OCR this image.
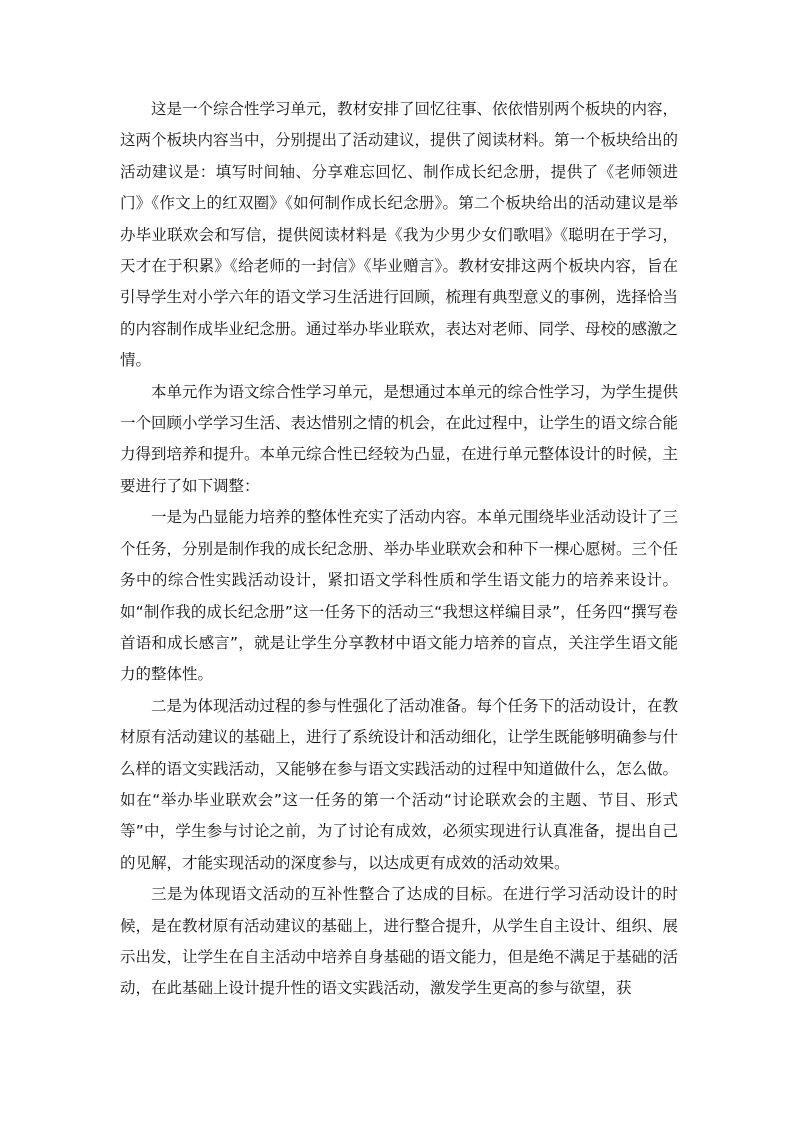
这是一个综合性学习单元，教材安排了回忆往事、依依惜别两个板块的内容，这两个板块内容当中，分别提出了活动建议，提供了阅读材料。第一个板块给出的活动建议是：填写时间轴、分享难忘回忆、制作成长纪念册，提供了《老师领进门》《作文上的红双圈》《如何制作成长纪念册》。第二个板块给出的活动建议是举办毕业联欢会和写信，提供阅读材料是《我为少男少女们歌唱》《聪明在于学习，天才在于积累》《给老师的一封信》《毕业赠言》。教材安排这两个板块内容，旨在引导学生对小学六年的语文学习生活进行回顾，梳理有典型意义的事例，选择恰当的内容制作成毕业纪念册。通过举办毕业联欢，表达对老师、同学、母校的感激之情。

本单元作为语文综合性学习单元，是想通过本单元的综合性学习，为学生提供一个回顾小学学习生活、表达惜别之情的机会，在此过程中，让学生的语文综合能力得到培养和提升。本单元综合性已经较为凸显，在进行单元整体设计的时候，主要进行了如下调整：

一是为凸显能力培养的整体性充实了活动内容。本单元围绕毕业活动设计了三个任务，分别是制作我的成长纪念册、举办毕业联欢会和种下一棵心愿树。三个任务中的综合性实践活动设计，紧扣语文学科性质和学生语文能力的培养来设计。如“制作我的成长纪念册”这一任务下的活动三“我想这样编目录”，任务四“撰写卷首语和成长感言”，就是让学生分享教材中语文能力培养的盲点，关注学生语文能力的整体性。

二是为体现活动过程的参与性强化了活动准备。每个任务下的活动设计，在教材原有活动建议的基础上，进行了系统设计和活动细化，让学生既能够明确参与什么样的语文实践活动，又能够在参与语文实践活动的过程中知道做什么，怎么做。如在“举办毕业联欢会”这一任务的第一个活动“讨论联欢会的主题、节目、形式等”中，学生参与讨论之前，为了讨论有成效，必须实现进行认真准备，提出自己的见解，才能实现活动的深度参与，以达成更有成效的活动效果。

三是为体现语文活动的互补性整合了达成的目标。在进行学习活动设计的时候，是在教材原有活动建议的基础上，进行整合提升，从学生自主设计、组织、展示出发，让学生在自主活动中培养自身基础的语文能力，但是绝不满足于基础的活动，在此基础上设计提升性的语文实践活动，激发学生更高的参与欲望，获
